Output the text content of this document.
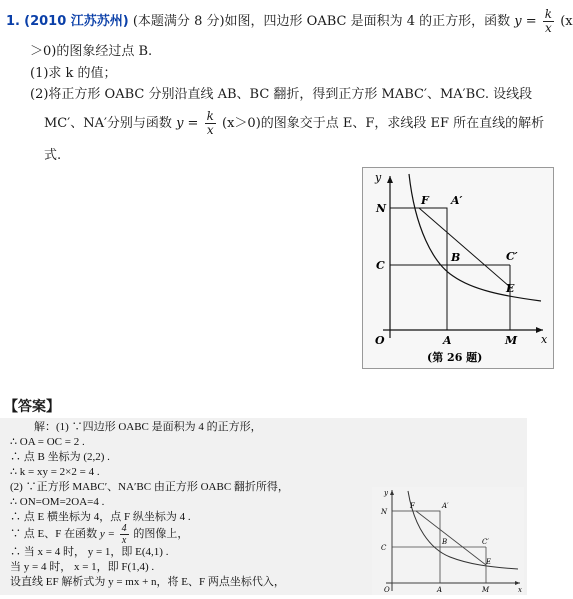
1. (2010 江苏苏州) (本题满分 8 分)如图，四边形 OABC 是面积为 4 的正方形，函数 $y = \frac{k}{x} (x$
＞0)的图象经过点 B.
(1)求 k 的值；
(2)将正方形 OABC 分别沿直线 AB、BC 翻折，得到正方形 MABC′、MA′BC. 设线段
MC′、NA′分别与函数 $y = \frac{k}{x} (x>0)$的图象交于点 E、F，求线段 EF 所在直线的解析
式.
y
x
O	A	M
N
C
F A′
B	C′
E
(第 26 题)
【答案】
解：(1) ∵四边形 OABC 是面积为 4 的正方形，
∴ OA = OC = 2 .
∴ 点 B 坐标为 (2,2) .
∴ k = xy = 2×2 = 4 .
(2) ∵正方形 MABC′、NA′BC 由正方形 OABC 翻折所得，
∴ ON=OM=2OA=4 .
∴ 点 E 横坐标为 4，点 F 纵坐标为 4 .
∵ 点 E、F 在函数 $y = \frac{4}{x}$ 的图像上，
∴ 当 x = 4 时， y = 1，即 E(4,1) .
当 y = 4 时， x = 1，即 F(1,4) .
设直线 EF 解析式为 y = mx + n，将 E、F 两点坐标代入，
y
x
N
C
F	A′
B	C′
E
O	A	M
